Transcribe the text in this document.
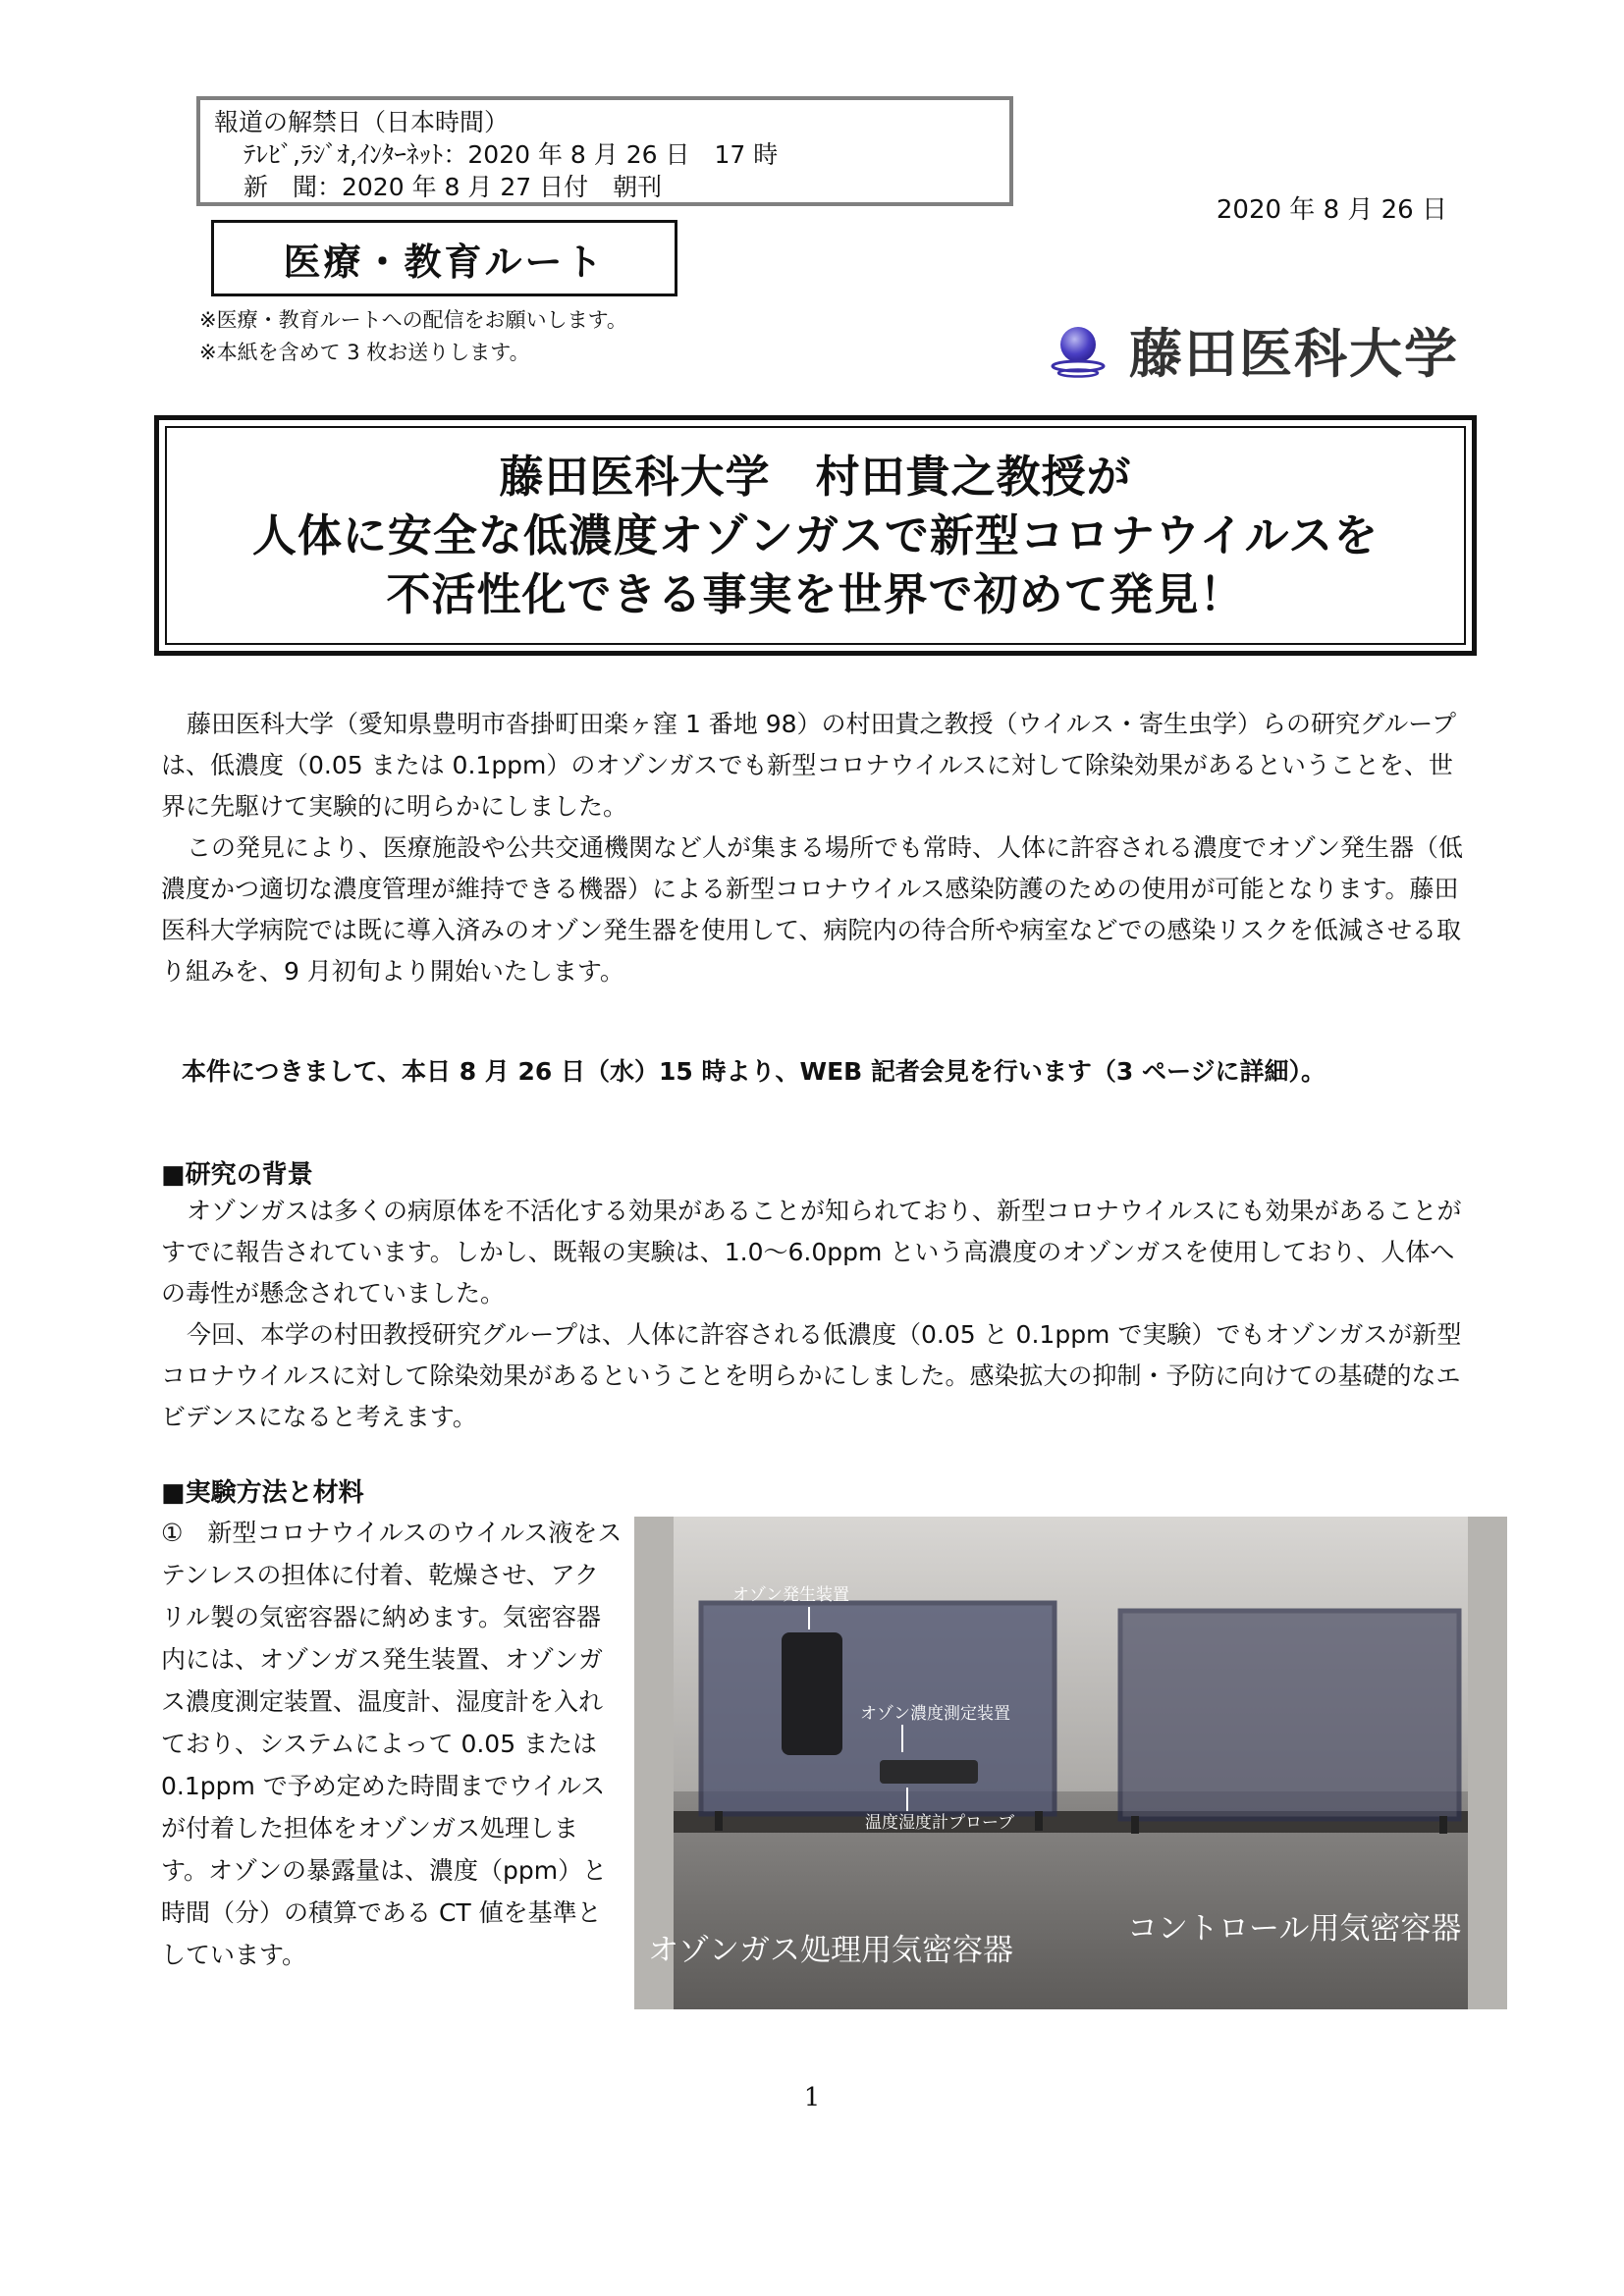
報道の解禁日（日本時間）
ﾃﾚﾋﾞ,ﾗｼﾞｵ,ｲﾝﾀｰﾈｯﾄ：2020 年 8 月 26 日　17 時
新　聞：2020 年 8 月 27 日付　朝刊
2020 年 8 月 26 日
医療・教育ルート
※医療・教育ルートへの配信をお願いします。
※本紙を含めて 3 枚お送りします。	藤田医科大学
藤田医科大学　村田貴之教授が
人体に安全な低濃度オゾンガスで新型コロナウイルスを
不活性化できる事実を世界で初めて発見！

藤田医科大学（愛知県豊明市沓掛町田楽ヶ窪 1 番地 98）の村田貴之教授（ウイルス・寄生虫学）らの研究グループは、低濃度（0.05 または 0.1ppm）のオゾンガスでも新型コロナウイルスに対して除染効果があるということを、世界に先駆けて実験的に明らかにしました。

この発見により、医療施設や公共交通機関など人が集まる場所でも常時、人体に許容される濃度でオゾン発生器（低濃度かつ適切な濃度管理が維持できる機器）による新型コロナウイルス感染防護のための使用が可能となります。藤田医科大学病院では既に導入済みのオゾン発生器を使用して、病院内の待合所や病室などでの感染リスクを低減させる取り組みを、9 月初旬より開始いたします。

本件につきまして、本日 8 月 26 日（水）15 時より、WEB 記者会見を行います（3 ページに詳細）。
■研究の背景

オゾンガスは多くの病原体を不活化する効果があることが知られており、新型コロナウイルスにも効果があることがすでに報告されています。しかし、既報の実験は、1.0～6.0ppm という高濃度のオゾンガスを使用しており、人体への毒性が懸念されていました。

今回、本学の村田教授研究グループは、人体に許容される低濃度（0.05 と 0.1ppm で実験）でもオゾンガスが新型コロナウイルスに対して除染効果があるということを明らかにしました。感染拡大の抑制・予防に向けての基礎的なエビデンスになると考えます。

■実験方法と材料
①　新型コロナウイルスのウイルス液をステンレスの担体に付着、乾燥させ、アクリル製の気密容器に納めます。気密容器内には、オゾンガス発生装置、オゾンガス濃度測定装置、温度計、湿度計を入れており、システムによって 0.05 または 0.1ppm で予め定めた時間までウイルスが付着した担体をオゾンガス処理します。オゾンの暴露量は、濃度（ppm）と時間（分）の積算である CT 値を基準としています。
オゾン発生装置
オゾン濃度測定装置
温度湿度計プローブ
オゾンガス処理用気密容器
コントロール用気密容器
1
